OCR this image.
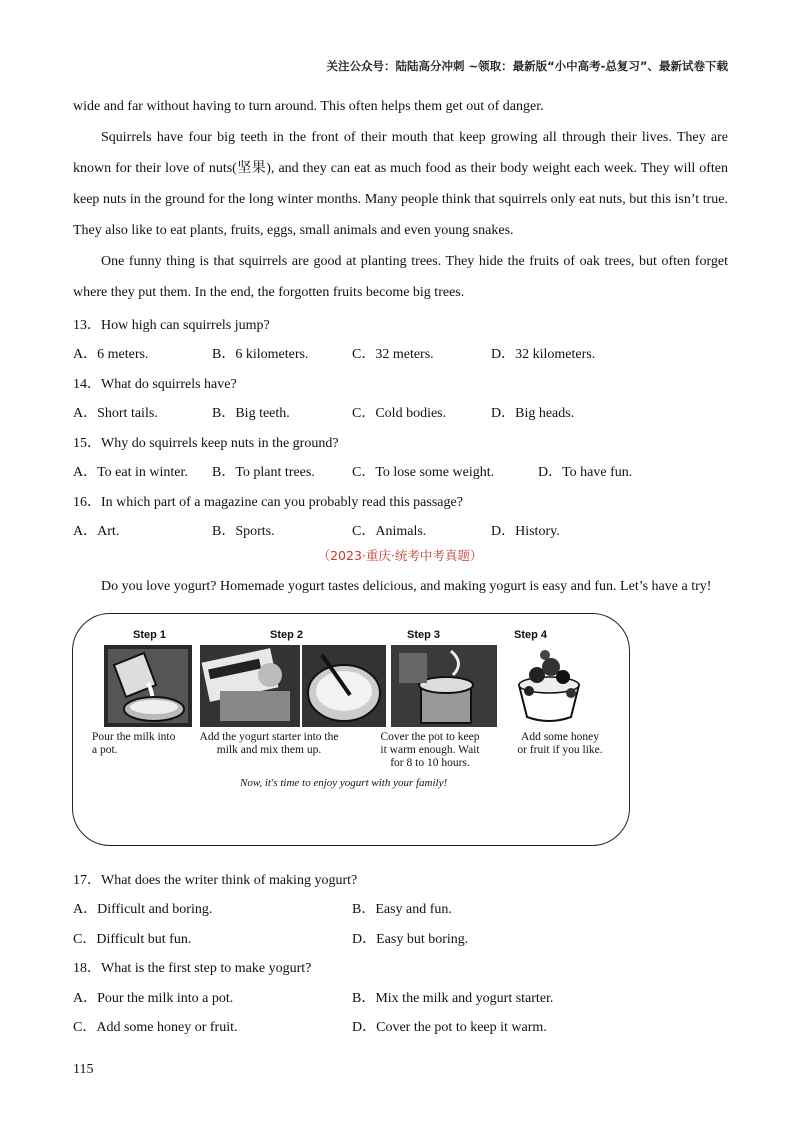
关注公众号：陆陆高分冲刺 ~领取：最新版“小中高考-总复习”、最新试卷下载
wide and far without having to turn around. This often helps them get out of danger.

Squirrels have four big teeth in the front of their mouth that keep growing all through their lives. They are known for their love of nuts(坚果), and they can eat as much food as their body weight each week. They will often keep nuts in the ground for the long winter months. Many people think that squirrels only eat nuts, but this isn’t true. They also like to eat plants, fruits, eggs, small animals and even young snakes.

One funny thing is that squirrels are good at planting trees. They hide the fruits of oak trees, but often forget where they put them. In the end, the forgotten fruits become big trees.

13．How high can squirrels jump?
A．6 meters.	B．6 kilometers.	C．32 meters.	D．32 kilometers.
14．What do squirrels have?
A．Short tails.	B．Big teeth.	C．Cold bodies.	D．Big heads.
15．Why do squirrels keep nuts in the ground?
A．To eat in winter. B．To plant trees.	C．To lose some weight.	D．To have fun.
16．In which part of a magazine can you probably read this passage?
A．Art.	B．Sports.	C．Animals.	D．History.
（2023·重庆·统考中考真题）
Do you love yogurt? Homemade yogurt tastes delicious, and making yogurt is easy and fun. Let’s have a try!
Step 1	Step 2	Step 3	Step 4
Pour the milk into
a pot.
Add the yogurt starter into the
milk and mix them up.
Cover the pot to keep
it warm enough. Wait
for 8 to 10 hours.
Add some honey
or fruit if you like.
Now, it's time to enjoy yogurt with your family!
17．What does the writer think of making yogurt?
A．Difficult and boring.	B．Easy and fun.
C．Difficult but fun.	D．Easy but boring.
18．What is the first step to make yogurt?
A．Pour the milk into a pot.	B．Mix the milk and yogurt starter.
C．Add some honey or fruit.	D．Cover the pot to keep it warm.
115
